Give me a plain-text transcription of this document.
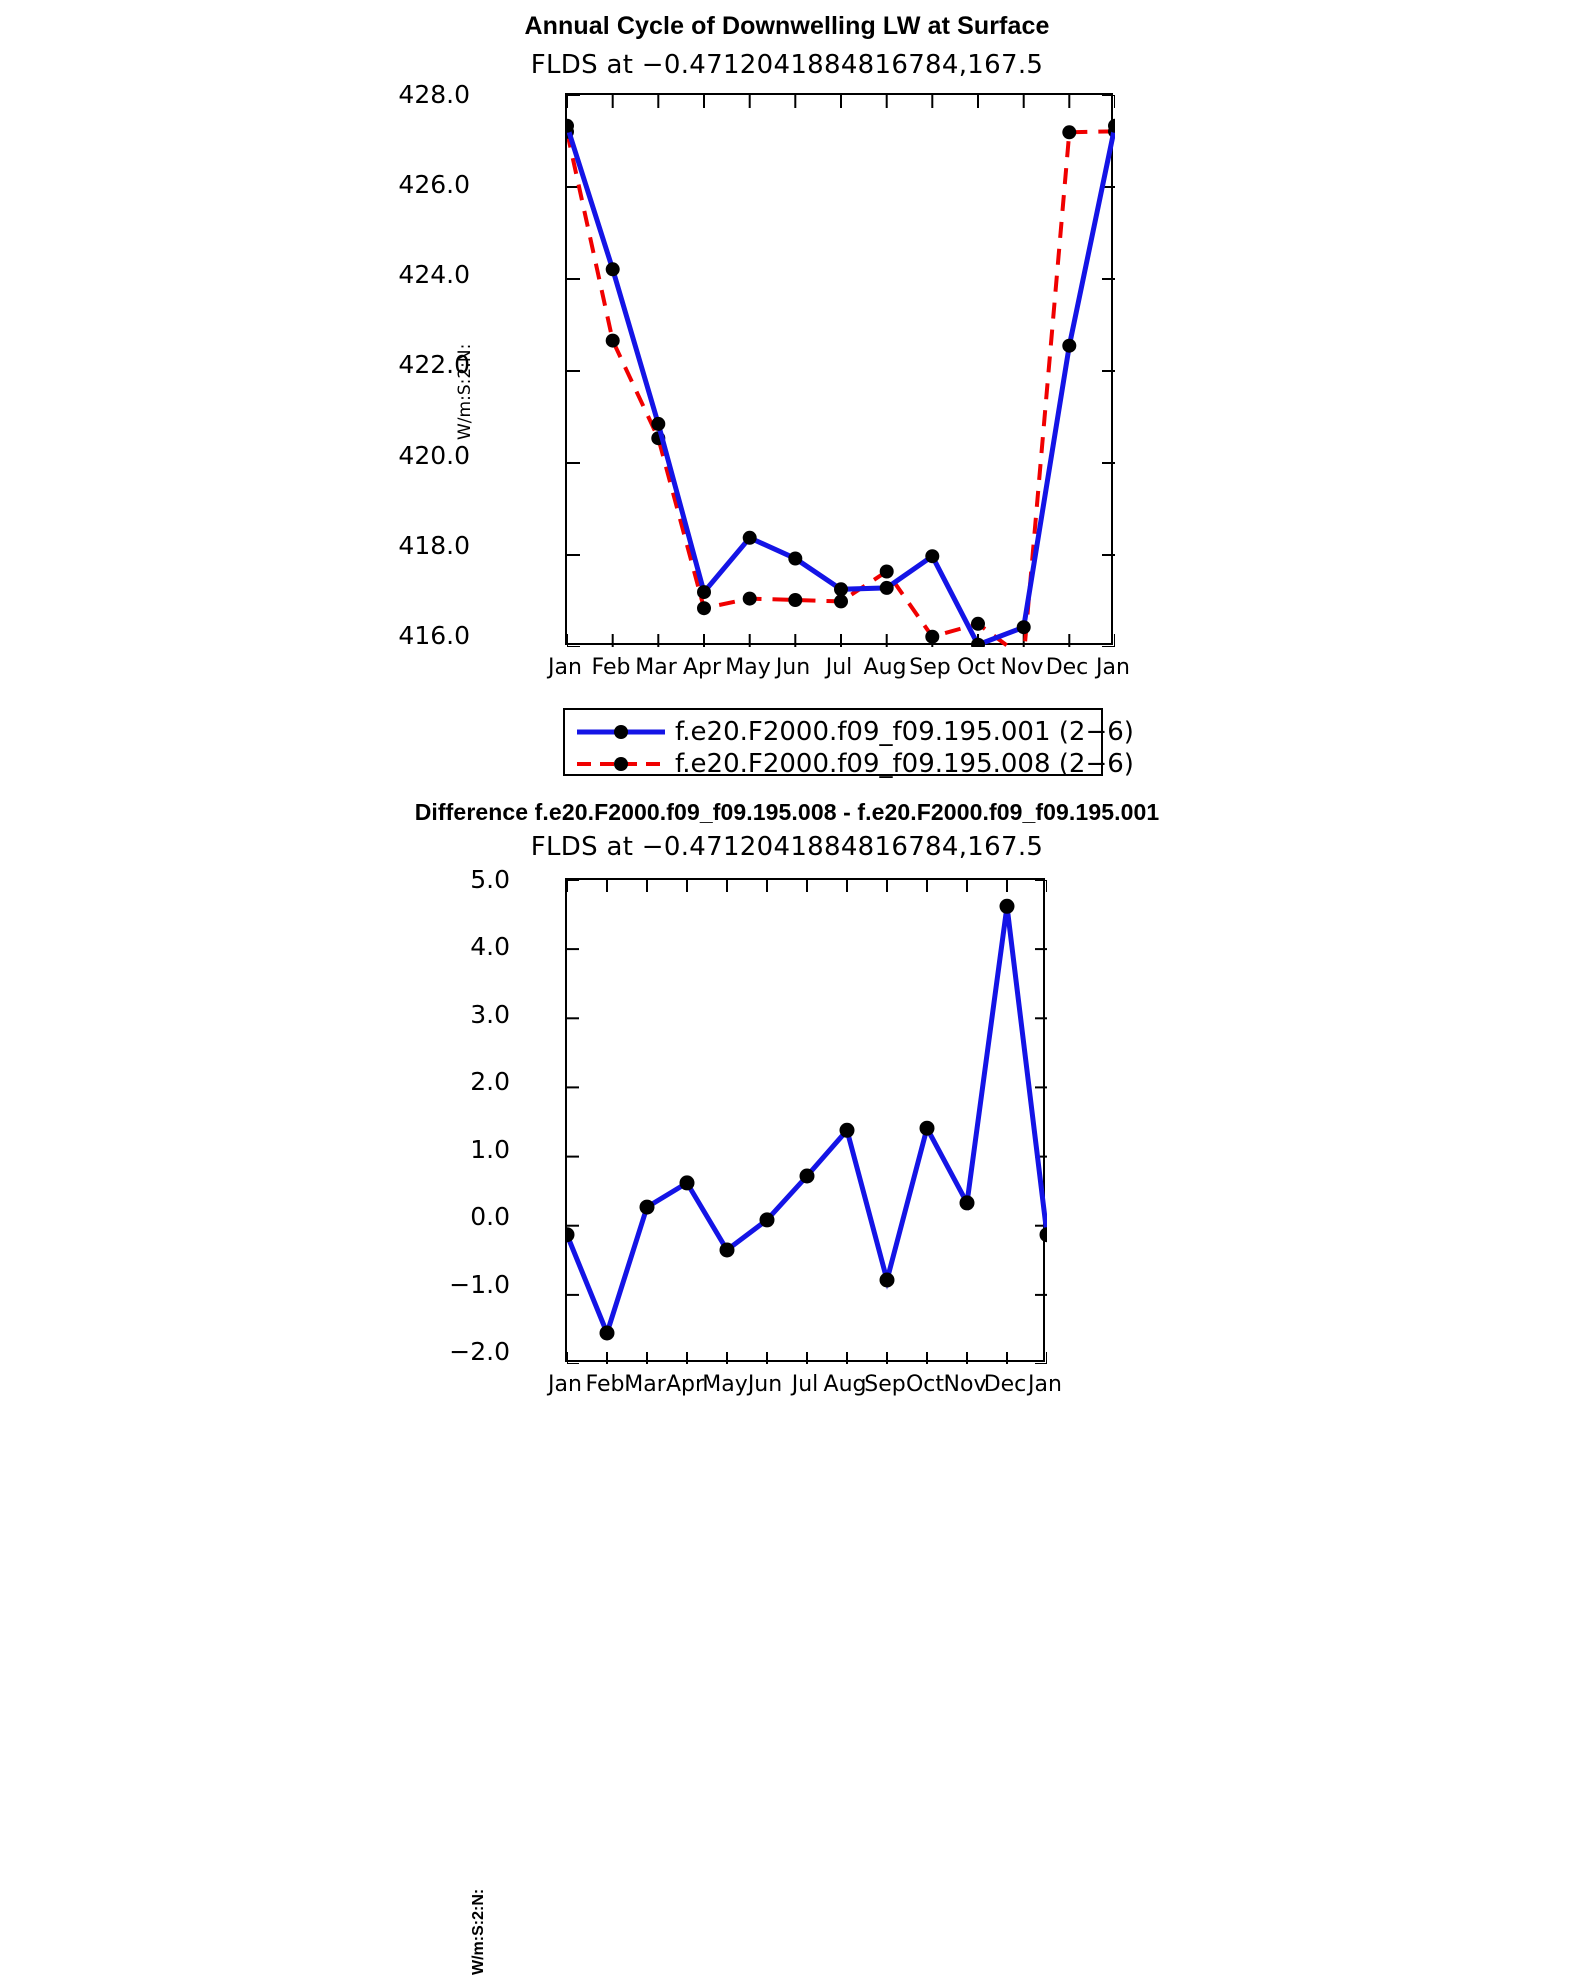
Annual Cycle of Downwelling LW at Surface
FLDS at −0.4712041884816784,167.5
W/m:S:2:N:
428.0
426.0
424.0
422.0
420.0
418.0
416.0
Jan Feb Mar Apr May Jun Jul Aug Sep Oct Nov Dec Jan
f.e20.F2000.f09_f09.195.001 (2−6)
f.e20.F2000.f09_f09.195.008 (2−6)
Difference f.e20.F2000.f09_f09.195.008 - f.e20.F2000.f09_f09.195.001
FLDS at −0.4712041884816784,167.5
W/m:S:2:N:
5.0
4.0
3.0
2.0
1.0
0.0
−1.0
−2.0
Jan Feb Mar Apr
May Jun Jul Aug
Sep Oct Nov
Dec Jan
